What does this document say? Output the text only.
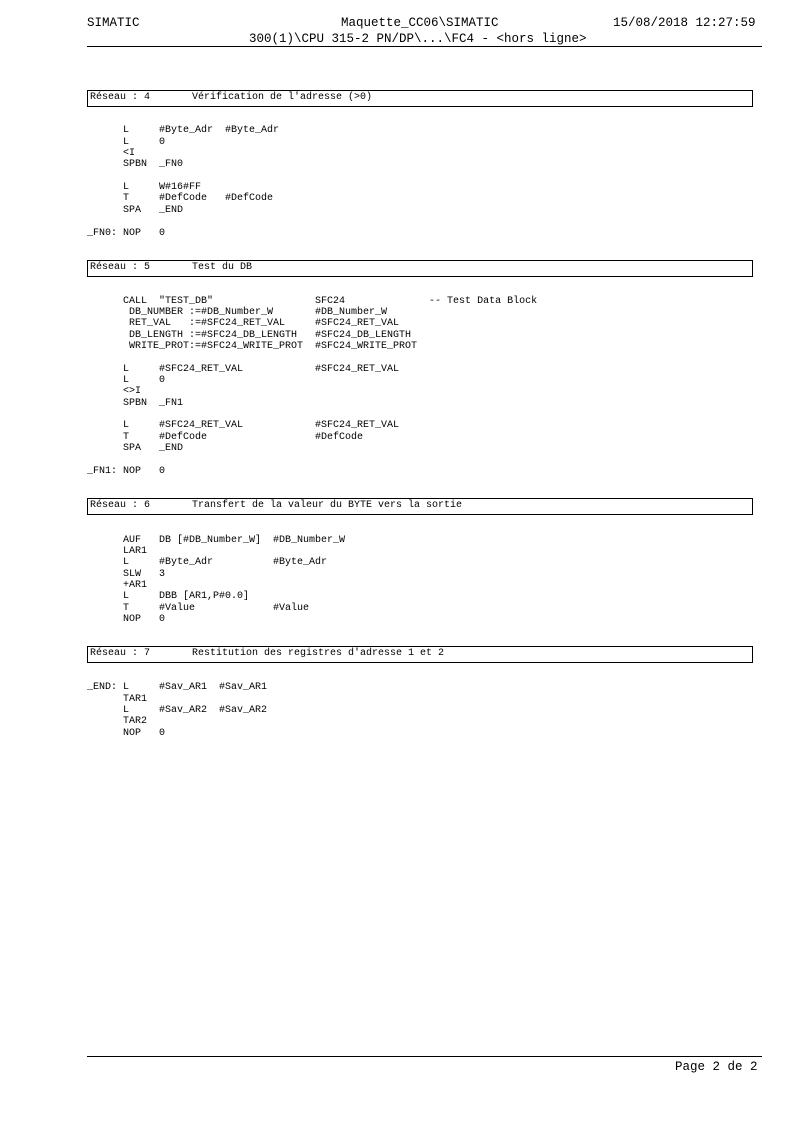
SIMATIC	Maquette_CC06\SIMATIC	15/08/2018 12:27:59
300(1)\CPU 315-2 PN/DP\...\FC4 - <hors ligne>
Réseau : 4	Vérification de l'adresse (>0)
Réseau : 5	Test du DB
Réseau : 6	Transfert de la valeur du BYTE vers la sortie
Réseau : 7	Restitution des registres d'adresse 1 et 2
L     #Byte_Adr  #Byte_Adr
L     0
<I
SPBN  _FN0
L     W#16#FF
T     #DefCode   #DefCode
SPA   _END
_FN0: NOP   0
CALL  "TEST_DB"                 SFC24              -- Test Data Block
DB_NUMBER :=#DB_Number_W       #DB_Number_W
RET_VAL   :=#SFC24_RET_VAL     #SFC24_RET_VAL
DB_LENGTH :=#SFC24_DB_LENGTH   #SFC24_DB_LENGTH
WRITE_PROT:=#SFC24_WRITE_PROT  #SFC24_WRITE_PROT
L     #SFC24_RET_VAL            #SFC24_RET_VAL
L     0
<>I
SPBN  _FN1
L     #SFC24_RET_VAL            #SFC24_RET_VAL
T     #DefCode                  #DefCode
SPA   _END
_FN1: NOP   0
AUF   DB [#DB_Number_W]  #DB_Number_W
LAR1
L     #Byte_Adr          #Byte_Adr
SLW   3
+AR1
L     DBB [AR1,P#0.0]
T     #Value             #Value
NOP   0
_END: L     #Sav_AR1  #Sav_AR1
TAR1
L     #Sav_AR2  #Sav_AR2
TAR2
NOP   0
Page 2 de 2
